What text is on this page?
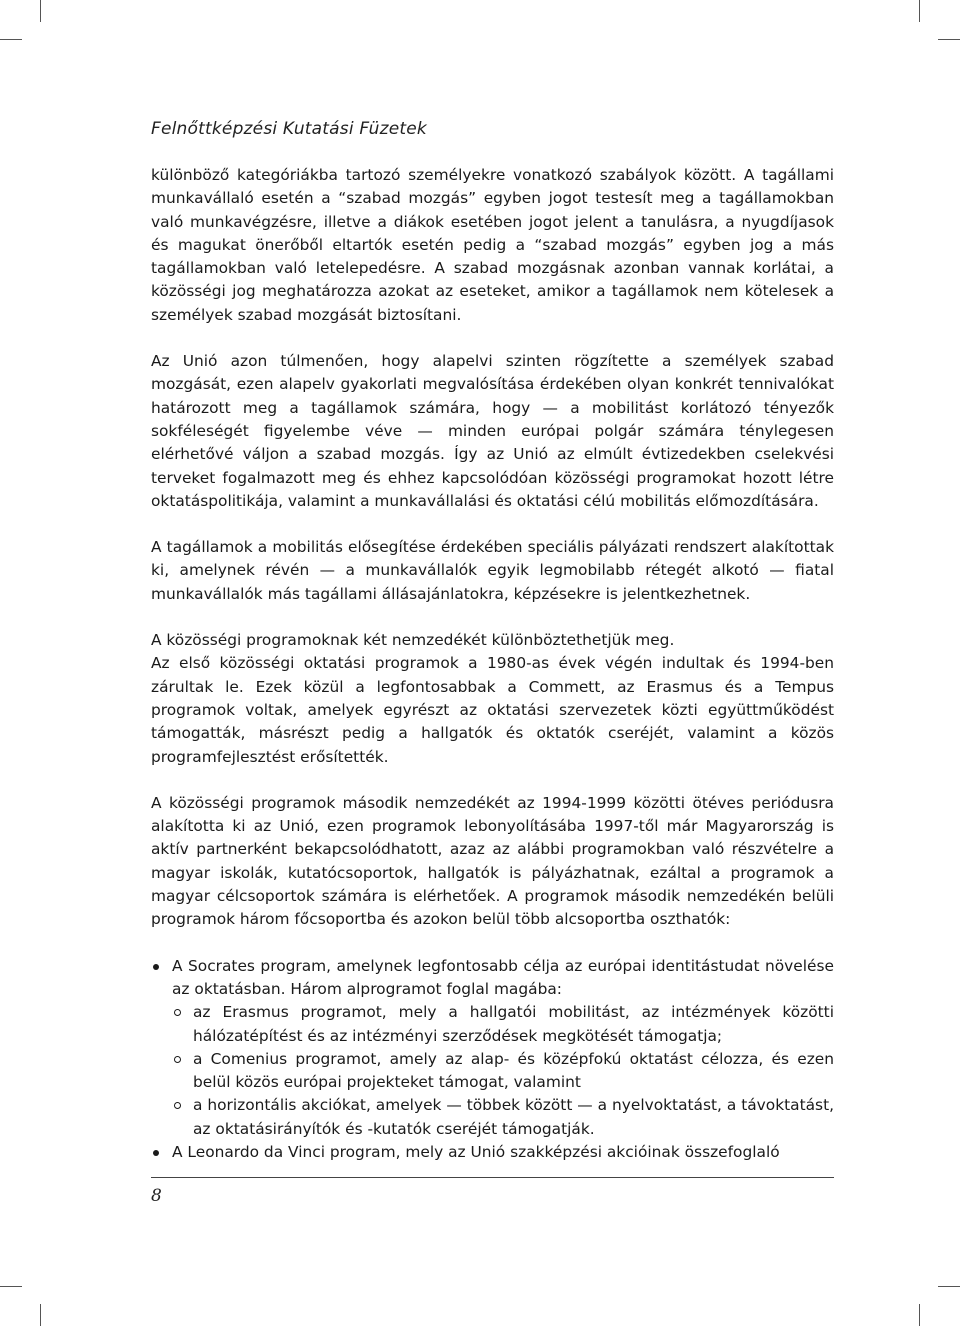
Felnőttképzési Kutatási Füzetek

különböző kategóriákba tartozó személyekre vonatkozó szabályok között. A tagállami munkavállaló esetén a “szabad mozgás” egyben jogot testesít meg a tagállamokban való munkavégzésre, illetve a diákok esetében jogot jelent a tanulásra, a nyugdíjasok és magukat önerőből eltartók esetén pedig a “szabad mozgás” egyben jog a más tagállamokban való letelepedésre. A szabad mozgásnak azonban vannak korlátai, a közösségi jog meghatározza azokat az eseteket, amikor a tagállamok nem kötelesek a személyek szabad mozgását biztosítani.

Az Unió azon túlmenően, hogy alapelvi szinten rögzítette a személyek szabad mozgását, ezen alapelv gyakorlati megvalósítása érdekében olyan konkrét tennivalókat határozott meg a tagállamok számára, hogy — a mobilitást korlátozó tényezők sokféleségét figyelembe véve — minden európai polgár számára ténylegesen elérhetővé váljon a szabad mozgás. Így az Unió az elmúlt évtizedekben cselekvési terveket fogalmazott meg és ehhez kapcsolódóan közösségi programokat hozott létre oktatáspolitikája, valamint a munkavállalási és oktatási célú mobilitás előmozdítására.

A tagállamok a mobilitás elősegítése érdekében speciális pályázati rendszert alakítottak ki, amelynek révén — a munkavállalók egyik legmobilabb rétegét alkotó — fiatal munkavállalók más tagállami állásajánlatokra, képzésekre is jelentkezhetnek.

A közösségi programoknak két nemzedékét különböztethetjük meg.

Az első közösségi oktatási programok a 1980-as évek végén indultak és 1994-ben zárultak le. Ezek közül a legfontosabbak a Commett, az Erasmus és a Tempus programok voltak, amelyek egyrészt az oktatási szervezetek közti együttműködést támogatták, másrészt pedig a hallgatók és oktatók cseréjét, valamint a közös programfejlesztést erősítették.

A közösségi programok második nemzedékét az 1994-1999 közötti ötéves periódusra alakította ki az Unió, ezen programok lebonyolításába 1997-től már Magyarország is aktív partnerként bekapcsolódhatott, azaz az alábbi programokban való részvételre a magyar iskolák, kutatócsoportok, hallgatók is pályázhatnak, ezáltal a programok a magyar célcsoportok számára is elérhetőek. A programok második nemzedékén belüli programok három főcsoportba és azokon belül több alcsoportba oszthatók:

A Socrates program, amelynek legfontosabb célja az európai identitástudat növelése az oktatásban. Három alprogramot foglal magába:
az Erasmus programot, mely a hallgatói mobilitást, az intézmények közötti hálózatépítést és az intézményi szerződések megkötését támogatja;
a Comenius programot, amely az alap- és középfokú oktatást célozza, és ezen belül közös európai projekteket támogat, valamint
a horizontális akciókat, amelyek — többek között — a nyelvoktatást, a távoktatást, az oktatásirányítók és -kutatók cseréjét támogatják.
A Leonardo da Vinci program, mely az Unió szakképzési akcióinak összefoglaló
8
